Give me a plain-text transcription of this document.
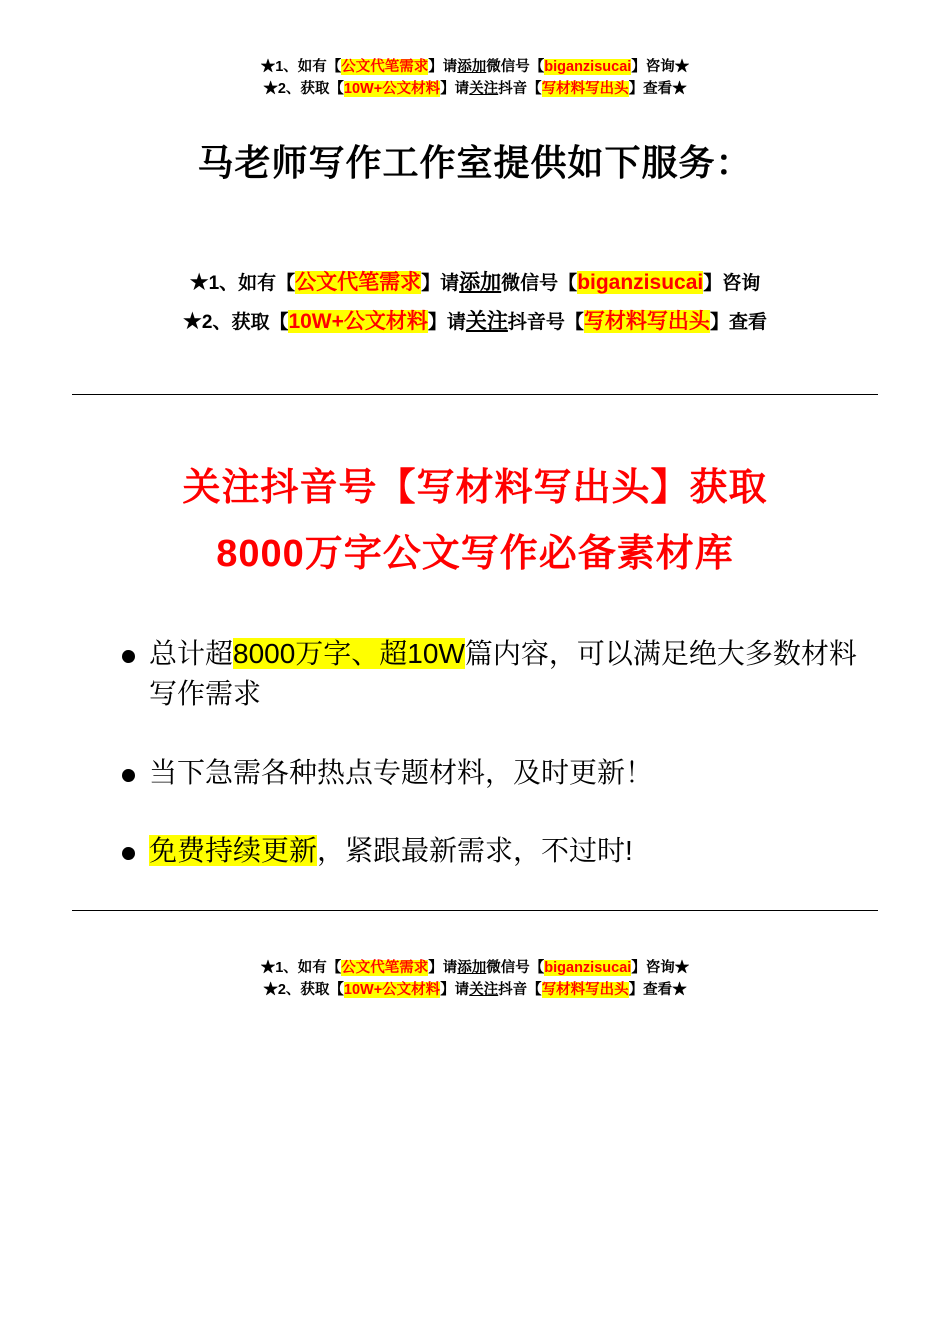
★1、如有【公文代笔需求】请添加微信号【biganzisucai】咨询★
★2、获取【10W+公文材料】请关注抖音【写材料写出头】查看★
马老师写作工作室提供如下服务：
★1、如有【公文代笔需求】请添加微信号【biganzisucai】咨询
★2、获取【10W+公文材料】请关注抖音号【写材料写出头】查看
关注抖音号【写材料写出头】获取
8000万字公文写作必备素材库
总计超8000万字、超10W篇内容，可以满足绝大多数材料写作需求
当下急需各种热点专题材料，及时更新！
免费持续更新，紧跟最新需求，不过时!
★1、如有【公文代笔需求】请添加微信号【biganzisucai】咨询★
★2、获取【10W+公文材料】请关注抖音【写材料写出头】查看★
